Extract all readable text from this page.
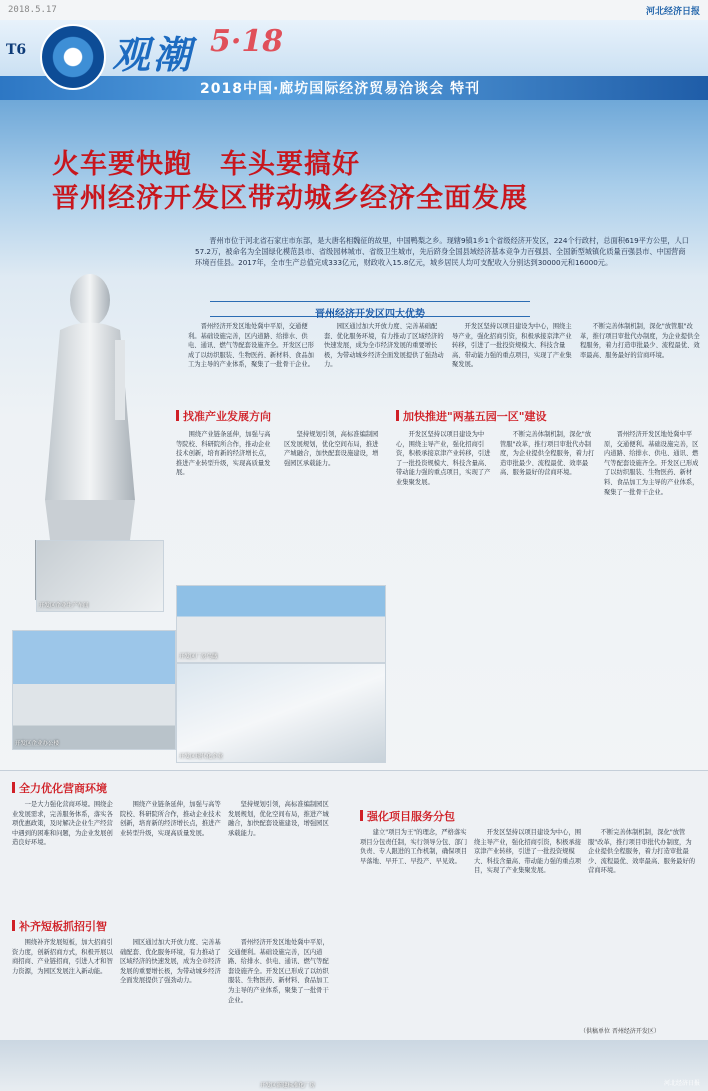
2018.5.17	河北经济日报
T6 观潮 5·18
2018中国·廊坊国际经济贸易洽谈会 特刊
火车要快跑　车头要搞好
晋州经济开发区带动城乡经济全面发展
晋州市位于河北省石家庄市东部，是大唐名相魏征的故里，中国鸭梨之乡。现辖9镇1乡1个省级经济开发区，224个行政村，总面积619平方公里，人口57.2万，被命名为全国绿化模范县市、省级园林城市、省级卫生城市，先后跻身全国县域经济基本竞争力百强县、全国新型城镇化质量百强县市、中国营商环境百佳县。2017年，全市生产总值完成333亿元，财政收入15.8亿元，城乡居民人均可支配收入分别达到30000元和16000元。
晋州经济开发区四大优势
晋州经济开发区地处冀中平原，交通便利。基础设施完善，区内道路、给排水、供电、通讯、燃气等配套设施齐全。开发区已形成了以纺织服装、生物医药、新材料、食品加工为主导的产业体系，聚集了一批骨干企业。
园区通过加大开放力度、完善基础配套、优化服务环境，有力推动了区域经济的快速发展，成为全市经济发展的重要增长极，为带动城乡经济全面发展提供了强劲动力。
开发区坚持以项目建设为中心，围绕主导产业，强化招商引资，积极承接京津产业转移，引进了一批投资规模大、科技含量高、带动能力强的重点项目，实现了产业集聚发展。
不断完善体制机制，深化"放管服"改革，推行项目审批代办制度，为企业提供全程服务，着力打造审批最少、流程最优、效率最高、服务最好的营商环境。
找准产业发展方向	加快推进"两基五园一区"建设
围绕产业链条延伸，加强与高等院校、科研院所合作，推动企业技术创新，培育新的经济增长点，推进产业转型升级，实现高质量发展。
坚持规划引领，高标准编制园区发展规划，优化空间布局，推进产城融合，加快配套设施建设，增强园区承载能力。
开发区坚持以项目建设为中心，围绕主导产业，强化招商引资，积极承接京津产业转移，引进了一批投资规模大、科技含量高、带动能力强的重点项目，实现了产业集聚发展。
不断完善体制机制，深化"放管服"改革，推行项目审批代办制度，为企业提供全程服务，着力打造审批最少、流程最优、效率最高、服务最好的营商环境。
晋州经济开发区地处冀中平原，交通便利。基础设施完善，区内道路、给排水、供电、通讯、燃气等配套设施齐全。开发区已形成了以纺织服装、生物医药、新材料、食品加工为主导的产业体系，聚集了一批骨干企业。
开发区企业生产车间
开发区厂房鸟瞰
开发区企业办公楼
开发区现代化企业
全力优化营商环境
一是大力强化营商环境。围绕企业发展需求，完善服务体系，落实各项优惠政策，及时解决企业生产经营中遇到的困难和问题，为企业发展创造良好环境。
围绕产业链条延伸，加强与高等院校、科研院所合作，推动企业技术创新，培育新的经济增长点，推进产业转型升级，实现高质量发展。
坚持规划引领，高标准编制园区发展规划，优化空间布局，推进产城融合，加快配套设施建设，增强园区承载能力。
补齐短板抓招引智
围绕补齐发展短板，加大招商引资力度，创新招商方式，积极开展以商招商、产业链招商，引进人才和智力资源，为园区发展注入新动能。
园区通过加大开放力度、完善基础配套、优化服务环境，有力推动了区域经济的快速发展，成为全市经济发展的重要增长极，为带动城乡经济全面发展提供了强劲动力。
晋州经济开发区地处冀中平原，交通便利。基础设施完善，区内道路、给排水、供电、通讯、燃气等配套设施齐全。开发区已形成了以纺织服装、生物医药、新材料、食品加工为主导的产业体系，聚集了一批骨干企业。
强化项目服务分包
建立"项目为王"的理念，严格落实项目分包责任制，实行领导分包、部门负责、专人跟进的工作机制，确保项目早落地、早开工、早投产、早见效。
开发区坚持以项目建设为中心，围绕主导产业，强化招商引资，积极承接京津产业转移，引进了一批投资规模大、科技含量高、带动能力强的重点项目，实现了产业集聚发展。
不断完善体制机制，深化"放管服"改革，推行项目审批代办制度，为企业提供全程服务，着力打造审批最少、流程最优、效率最高、服务最好的营商环境。
（供稿单位 晋州经济开发区）
开发区新建标准化厂房	河北经济日报
